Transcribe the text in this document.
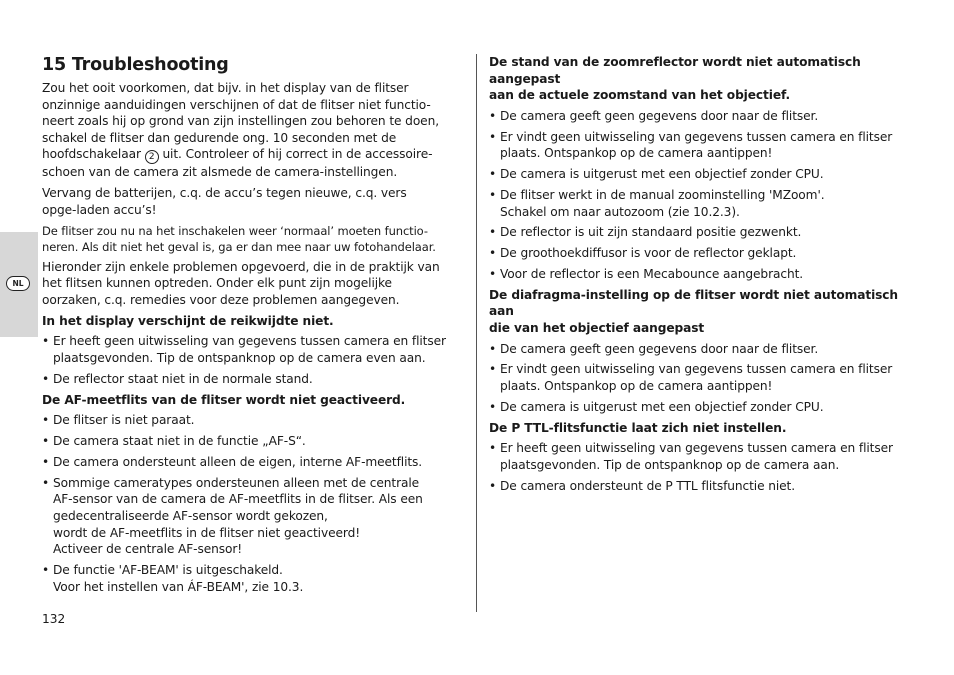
NL
15 Troubleshooting

Zou het ooit voorkomen, dat bijv. in het display van de flitser
onzinnige aanduidingen verschijnen of dat de flitser niet functio-
neert zoals hij op grond van zijn instellingen zou behoren te doen,
schakel de flitser dan gedurende ong. 10 seconden met de
hoofdschakelaar 2 uit. Controleer of hij correct in de accessoire-
schoen van de camera zit alsmede de camera-instellingen.

Vervang de batterijen, c.q. de accu’s tegen nieuwe, c.q. vers
opge-laden accu’s!

De flitser zou nu na het inschakelen weer ‘normaal’ moeten functio-
neren. Als dit niet het geval is, ga er dan mee naar uw fotohandelaar.

Hieronder zijn enkele problemen opgevoerd, die in de praktijk van
het flitsen kunnen optreden. Onder elk punt zijn mogelijke
oorzaken, c.q. remedies voor deze problemen aangegeven.

In het display verschijnt de reikwijdte niet.
• Er heeft geen uitwisseling van gegevens tussen camera en flitser
plaatsgevonden. Tip de ontspanknop op de camera even aan.
• De reflector staat niet in de normale stand.
De AF-meetflits van de flitser wordt niet geactiveerd.
• De flitser is niet paraat.
• De camera staat niet in de functie „AF-S“.
• De camera ondersteunt alleen de eigen, interne AF-meetflits.
• Sommige cameratypes ondersteunen alleen met de centrale
AF-sensor van de camera de AF-meetflits in de flitser. Als een
gedecentraliseerde AF-sensor wordt gekozen,
wordt de AF-meetflits in de flitser niet geactiveerd!
Activeer de centrale AF-sensor!
• De functie 'AF-BEAM' is uitgeschakeld.
Voor het instellen van ÁF-BEAM', zie 10.3.
De stand van de zoomreflector wordt niet automatisch aangepast
aan de actuele zoomstand van het objectief.
• De camera geeft geen gegevens door naar de flitser.
• Er vindt geen uitwisseling van gegevens tussen camera en flitser
plaats. Ontspankop op de camera aantippen!
• De camera is uitgerust met een objectief zonder CPU.
• De flitser werkt in de manual zoominstelling 'MZoom'.
Schakel om naar autozoom (zie 10.2.3).
• De reflector is uit zijn standaard positie gezwenkt.
• De groothoekdiffusor is voor de reflector geklapt.
• Voor de reflector is een Mecabounce aangebracht.
De diafragma-instelling op de flitser wordt niet automatisch aan
die van het objectief aangepast
• De camera geeft geen gegevens door naar de flitser.
• Er vindt geen uitwisseling van gegevens tussen camera en flitser
plaats. Ontspankop op de camera aantippen!
• De camera is uitgerust met een objectief zonder CPU.
De P TTL-flitsfunctie laat zich niet instellen.
• Er heeft geen uitwisseling van gegevens tussen camera en flitser
plaatsgevonden. Tip de ontspanknop op de camera aan.
• De camera ondersteunt de P TTL flitsfunctie niet.
132
